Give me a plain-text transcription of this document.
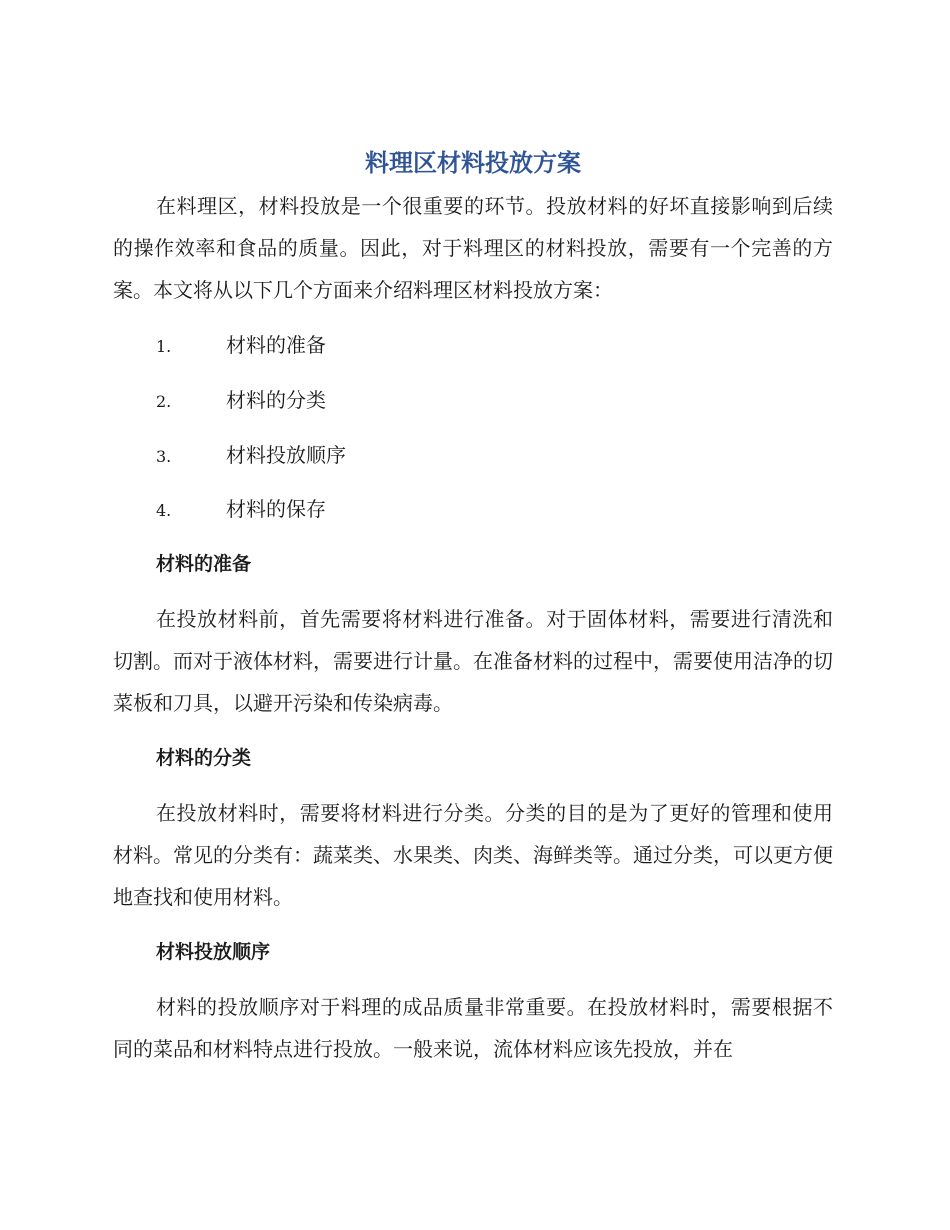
料理区材料投放方案

在料理区，材料投放是一个很重要的环节。投放材料的好坏直接影响到后续的操作效率和食品的质量。因此，对于料理区的材料投放，需要有一个完善的方案。本文将从以下几个方面来介绍料理区材料投放方案：

1.	材料的准备
2.	材料的分类
3.	材料投放顺序
4.	材料的保存
材料的准备

在投放材料前，首先需要将材料进行准备。对于固体材料，需要进行清洗和切割。而对于液体材料，需要进行计量。在准备材料的过程中，需要使用洁净的切菜板和刀具，以避开污染和传染病毒。

材料的分类

在投放材料时，需要将材料进行分类。分类的目的是为了更好的管理和使用材料。常见的分类有：蔬菜类、水果类、肉类、海鲜类等。通过分类，可以更方便地查找和使用材料。

材料投放顺序

材料的投放顺序对于料理的成品质量非常重要。在投放材料时，需要根据不同的菜品和材料特点进行投放。一般来说，流体材料应该先投放，并在
